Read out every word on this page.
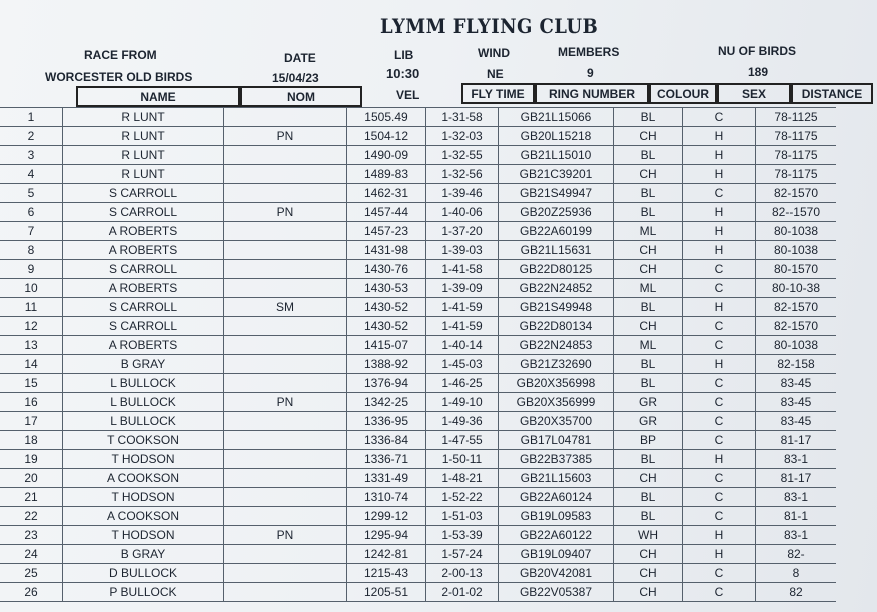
LYMM FLYING CLUB
RACE FROM
WORCESTER OLD BIRDS
DATE
15/04/23
LIB
10:30
WIND
NE
MEMBERS
9
NU OF BIRDS
189
NAME	NOM	VEL	FLY TIME	RING NUMBER	COLOUR	SEX	DISTANCE
1	R LUNT		1505.49	1-31-58	GB21L15066	BL	C	78-1125
2	R LUNT	PN	1504-12	1-32-03	GB20L15218	CH	H	78-1175
3	R LUNT		1490-09	1-32-55	GB21L15010	BL	H	78-1175
4	R LUNT		1489-83	1-32-56	GB21C39201	CH	H	78-1175
5	S CARROLL		1462-31	1-39-46	GB21S49947	BL	C	82-1570
6	S CARROLL	PN	1457-44	1-40-06	GB20Z25936	BL	H	82--1570
7	A ROBERTS		1457-23	1-37-20	GB22A60199	ML	H	80-1038
8	A ROBERTS		1431-98	1-39-03	GB21L15631	CH	H	80-1038
9	S CARROLL		1430-76	1-41-58	GB22D80125	CH	C	80-1570
10	A ROBERTS		1430-53	1-39-09	GB22N24852	ML	C	80-10-38
11	S CARROLL	SM	1430-52	1-41-59	GB21S49948	BL	H	82-1570
12	S CARROLL		1430-52	1-41-59	GB22D80134	CH	C	82-1570
13	A ROBERTS		1415-07	1-40-14	GB22N24853	ML	C	80-1038
14	B GRAY		1388-92	1-45-03	GB21Z32690	BL	H	82-158
15	L BULLOCK		1376-94	1-46-25	GB20X356998	BL	C	83-45
16	L BULLOCK	PN	1342-25	1-49-10	GB20X356999	GR	C	83-45
17	L BULLOCK		1336-95	1-49-36	GB20X35700	GR	C	83-45
18	T COOKSON		1336-84	1-47-55	GB17L04781	BP	C	81-17
19	T HODSON		1336-71	1-50-11	GB22B37385	BL	H	83-1
20	A COOKSON		1331-49	1-48-21	GB21L15603	CH	C	81-17
21	T HODSON		1310-74	1-52-22	GB22A60124	BL	C	83-1
22	A COOKSON		1299-12	1-51-03	GB19L09583	BL	C	81-1
23	T HODSON	PN	1295-94	1-53-39	GB22A60122	WH	H	83-1
24	B GRAY		1242-81	1-57-24	GB19L09407	CH	H	82-
25	D BULLOCK		1215-43	2-00-13	GB20V42081	CH	C	8
26	P BULLOCK		1205-51	2-01-02	GB22V05387	CH	C	82
